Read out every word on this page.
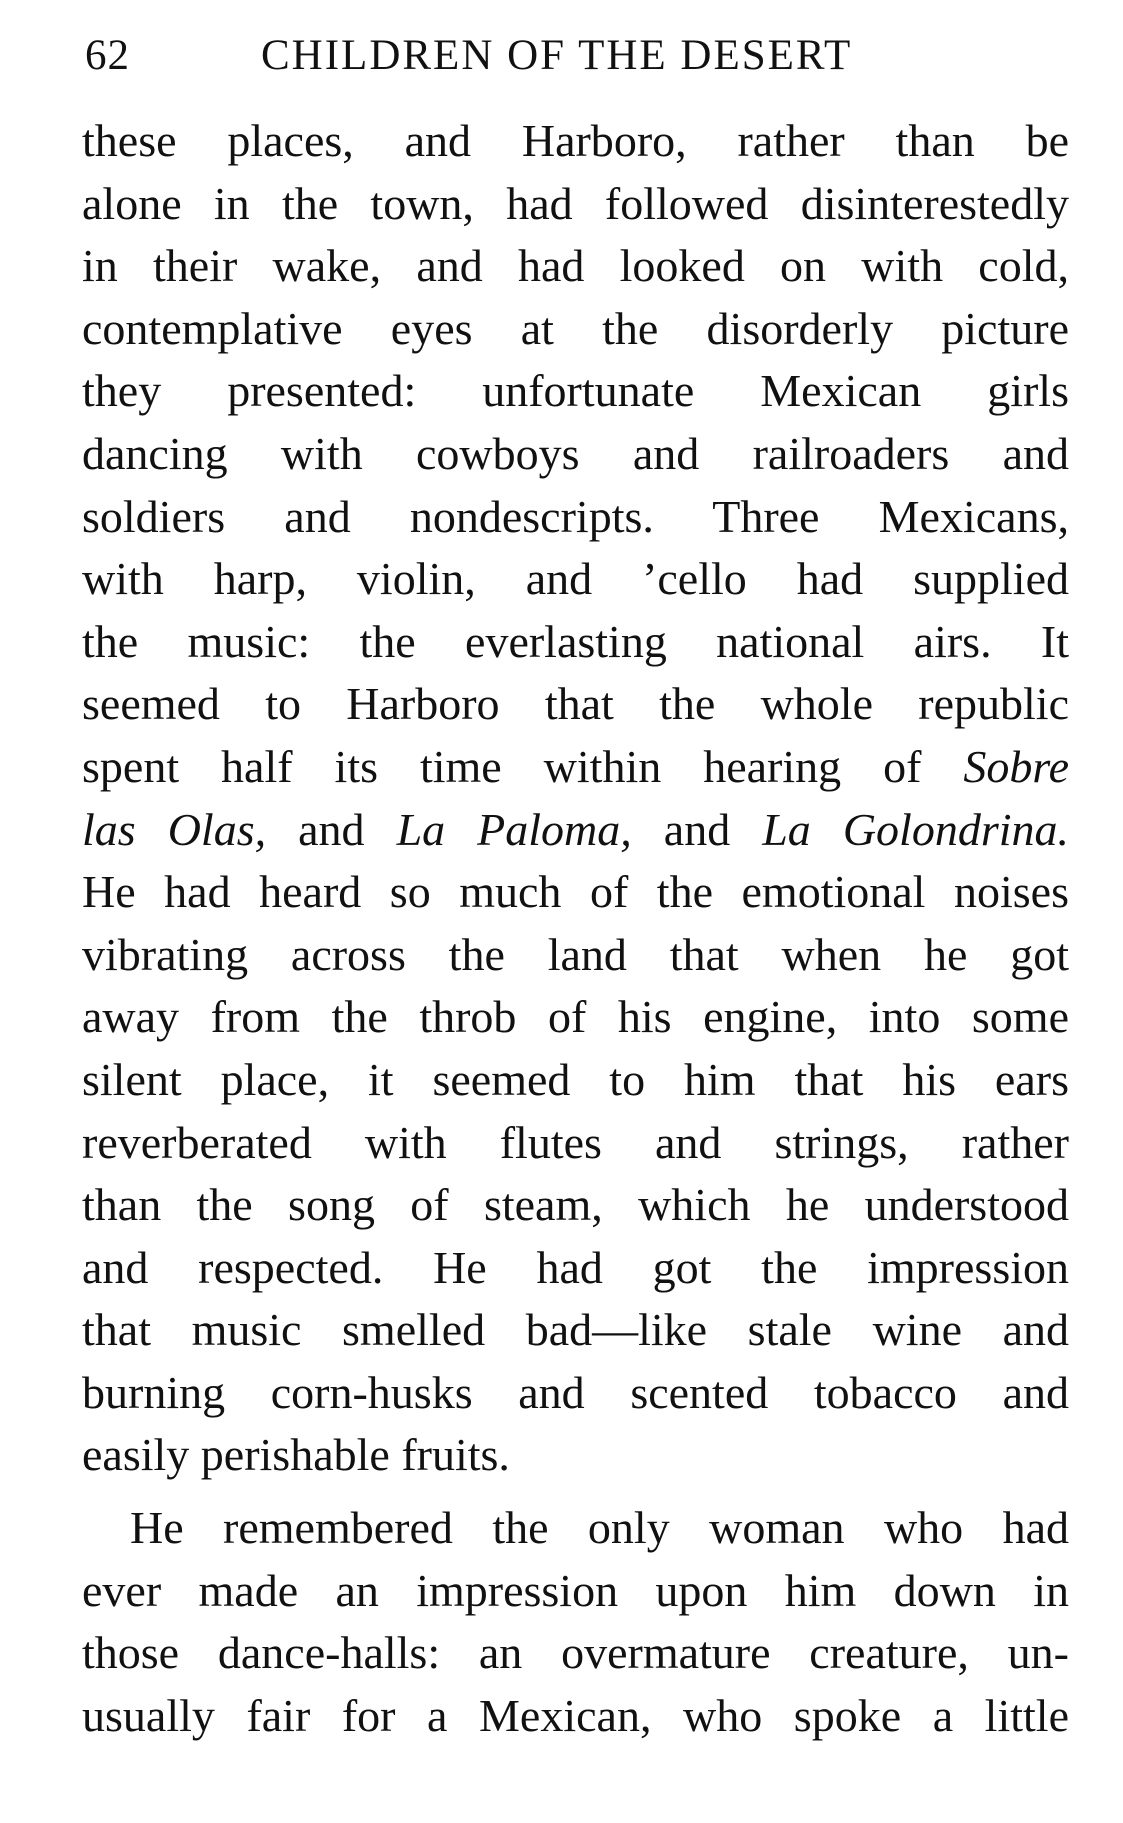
62	CHILDREN OF THE DESERT
these places, and Harboro, rather than be
alone in the town, had followed disinterestedly
in their wake, and had looked on with cold,
contemplative eyes at the disorderly picture
they presented: unfortunate Mexican girls
dancing with cowboys and railroaders and
soldiers and nondescripts. Three Mexicans,
with harp, violin, and ’cello had supplied
the music: the everlasting national airs. It
seemed to Harboro that the whole republic
spent half its time within hearing of Sobre
las Olas, and La Paloma, and La Golondrina.
He had heard so much of the emotional noises
vibrating across the land that when he got
away from the throb of his engine, into some
silent place, it seemed to him that his ears
reverberated with flutes and strings, rather
than the song of steam, which he understood
and respected. He had got the impression
that music smelled bad—like stale wine and
burning corn-husks and scented tobacco and
easily perishable fruits.
He remembered the only woman who had
ever made an impression upon him down in
those dance-halls: an overmature creature, un-
usually fair for a Mexican, who spoke a little
